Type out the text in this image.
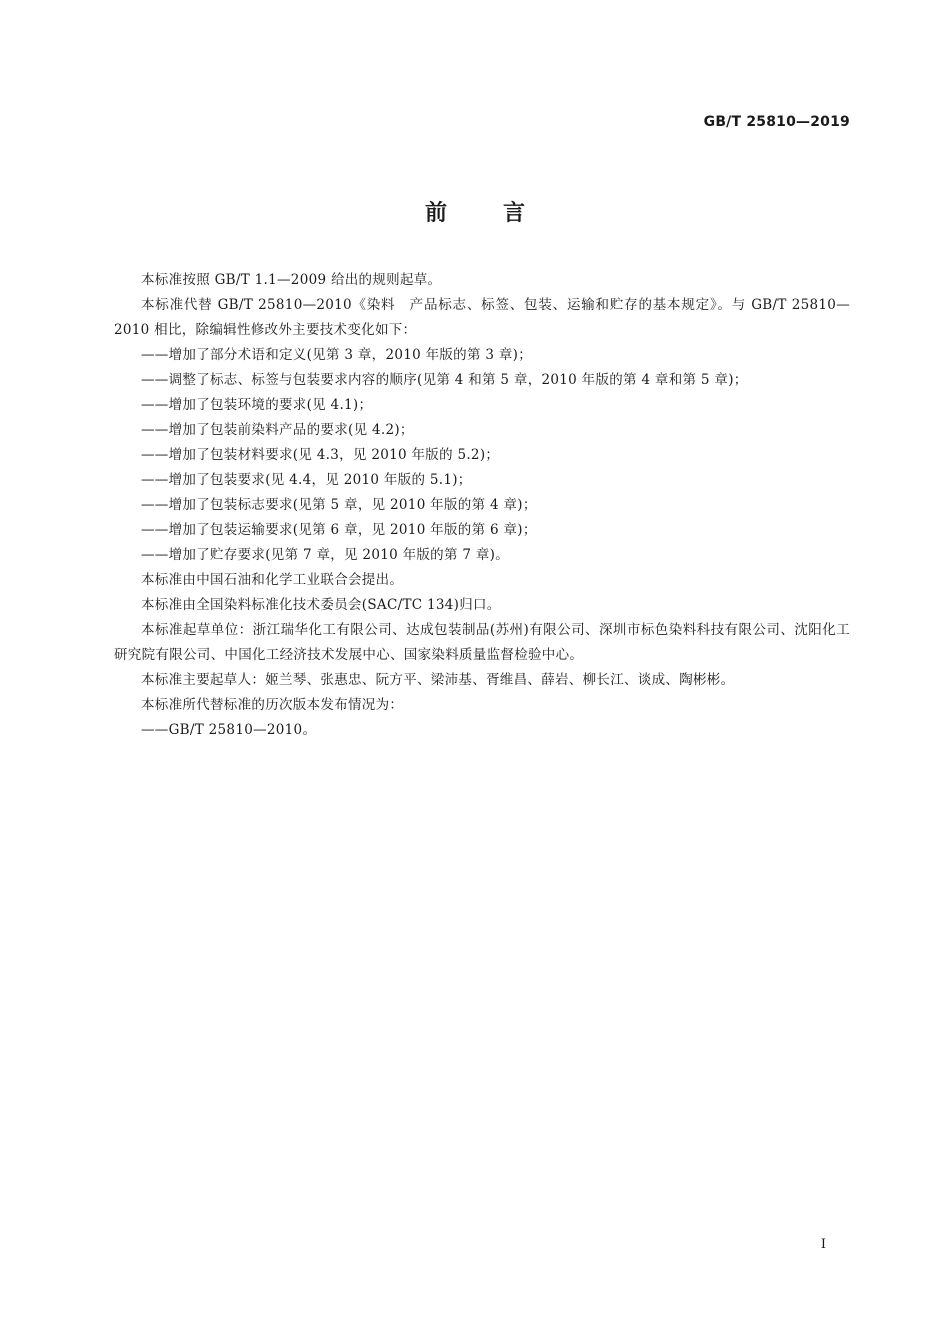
GB/T 25810—2019
前言

本标准按照 GB/T 1.1—2009 给出的规则起草。

本标准代替 GB/T 25810—2010《染料　产品标志、标签、包装、运输和贮存的基本规定》。与 GB/T 25810—2010 相比，除编辑性修改外主要技术变化如下：

——增加了部分术语和定义(见第 3 章，2010 年版的第 3 章)；

——调整了标志、标签与包装要求内容的顺序(见第 4 和第 5 章，2010 年版的第 4 章和第 5 章)；

——增加了包装环境的要求(见 4.1)；

——增加了包装前染料产品的要求(见 4.2)；

——增加了包装材料要求(见 4.3，见 2010 年版的 5.2)；

——增加了包装要求(见 4.4，见 2010 年版的 5.1)；

——增加了包装标志要求(见第 5 章，见 2010 年版的第 4 章)；

——增加了包装运输要求(见第 6 章，见 2010 年版的第 6 章)；

——增加了贮存要求(见第 7 章，见 2010 年版的第 7 章)。

本标准由中国石油和化学工业联合会提出。

本标准由全国染料标准化技术委员会(SAC/TC 134)归口。

本标准起草单位：浙江瑞华化工有限公司、达成包装制品(苏州)有限公司、深圳市标色染料科技有限公司、沈阳化工研究院有限公司、中国化工经济技术发展中心、国家染料质量监督检验中心。

本标准主要起草人：姬兰琴、张惠忠、阮方平、梁沛基、胥维昌、薛岩、柳长江、谈成、陶彬彬。

本标准所代替标准的历次版本发布情况为：

——GB/T 25810—2010。

I
